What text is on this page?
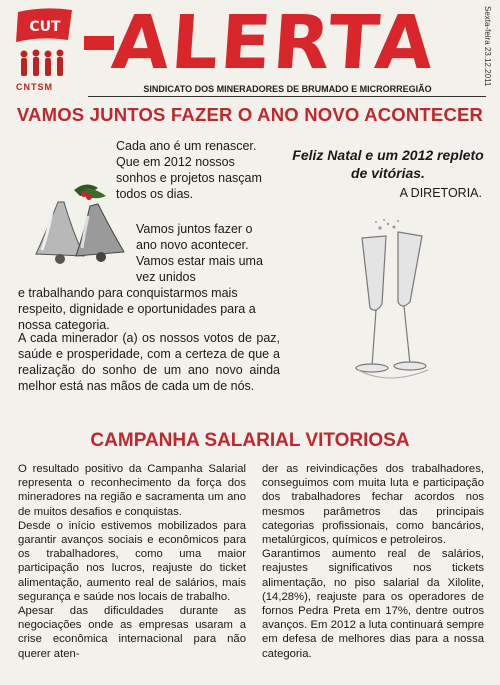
CUT
CNTSM
ALERTA	Sexta-feira 23.12.2011
SINDICATO DOS MINERADORES DE BRUMADO E MICRORREGIÃO
VAMOS JUNTOS FAZER O ANO NOVO ACONTECER
Cada ano é um renascer. Que em 2012 nossos sonhos e projetos nasçam todos os dias.
Vamos juntos fazer o ano novo acontecer. Vamos estar mais uma vez unidos
e trabalhando para conquistarmos mais respeito, dignidade e oportunidades para a nossa categoria.
A cada minerador (a) os nossos votos de paz, saúde e prosperidade, com a certeza de que a realização do sonho de um ano novo ainda melhor está nas mãos de cada um de nós.
Feliz Natal e um 2012 repleto de vitórias.
A DIRETORIA.
CAMPANHA SALARIAL VITORIOSA

O resultado positivo da Campanha Salarial representa o reconhecimento da força dos mineradores na região e sacramenta um ano de muitos desafios e conquistas.

Desde o início estivemos mobilizados para garantir avanços sociais e econômicos para os trabalhadores, como uma maior participação nos lucros, reajuste do ticket alimentação, aumento real de salários, mais segurança e saúde nos locais de trabalho.

Apesar das dificuldades durante as negociações onde as empresas usaram a crise econômica internacional para não querer aten-

der as reivindicações dos trabalhadores, conseguimos com muita luta e participação dos trabalhadores fechar acordos nos mesmos parâmetros das principais categorias profissionais, como bancários, metalúrgicos, químicos e petroleiros.

Garantimos aumento real de salários, reajustes significativos nos tickets alimentação, no piso salarial da Xilolite, (14,28%), reajuste para os operadores de fornos Pedra Preta em 17%, dentre outros avanços. Em 2012 a luta continuará sempre em defesa de melhores dias para a nossa categoria.
